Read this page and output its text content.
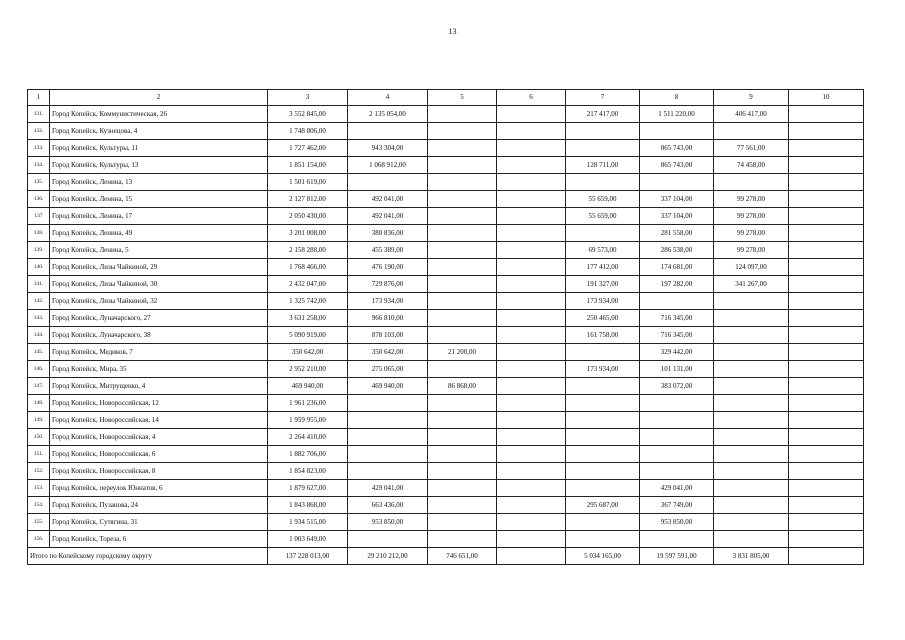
13
1	2	3	4	5	6	7	8	9	10
131.	Город Копейск, Коммунистическая, 26	3 552 845,00	2 135 054,00			217 417,00	1 511 220,00	406 417,00	
132.	Город Копейск, Кузнецова, 4	1 748 806,00							
133.	Город Копейск, Культуры, 11	1 727 462,00	943 304,00				865 743,00	77 561,00	
134.	Город Копейск, Культуры, 13	1 851 154,00	1 068 912,00			128 711,00	865 743,00	74 458,00	
135.	Город Копейск, Ленина, 13	1 501 619,00							
136.	Город Копейск, Ленина, 15	2 127 812,00	492 041,00			55 659,00	337 104,00	99 278,00	
137	Город Копейск, Ленина, 17	2 050 430,00	492 041,00			55 659,00	337 104,00	99 278,00	
138.	Город Копейск, Ленина, 49	3 201 008,00	380 836,00				281 558,00	99 278,00	
139.	Город Копейск, Ленина, 5	2 158 288,00	455 389,00			69 573,00	286 538,00	99 278,00	
140.	Город Копейск, Лизы Чайкиной, 29	1 768 466,00	476 190,00			177 412,00	174 681,00	124 097,00	
141.	Город Копейск, Лизы Чайкиной, 30	2 432 047,00	729 876,00			191 327,00	197 282,00	341 267,00	
142.	Город Копейск, Лизы Чайкиной, 32	1 325 742,00	173 934,00			173 934,00			
143.	Город Копейск, Луначарского, 27	3 631 258,00	966 810,00			250 465,00	716 345,00		
144.	Город Копейск, Луначарского, 38	5 090 919,00	878 103,00			161 758,00	716 345,00		
145.	Город Копейск, Медиков, 7	350 642,00	350 642,00	21 200,00			329 442,00		
146.	Город Копейск, Мира, 35	2 952 210,00	275 065,00			173 934,00	101 131,00		
147.	Город Копейск, Митрущенко, 4	469 940,00	469 940,00	86 868,00			383 072,00		
148.	Город Копейск, Новороссийская, 12	1 961 236,00							
149.	Город Копейск, Новороссийская, 14	1 959 955,00							
150.	Город Копейск, Новороссийская, 4	2 264 410,00							
151.	Город Копейск, Новороссийская, 6	1 882 706,00							
152.	Город Копейск, Новороссийская, 8	1 854 823,00							
153.	Город Копейск, переулок Юннатов, 6	1 879 627,00	429 041,00				429 041,00		
154.	Город Копейск, Пузанова, 24	1 843 868,00	663 436,00			295 687,00	367 749,00		
155.	Город Копейск, Сутягина, 31	1 934 515,00	953 850,00				953 850,00		
156.	Город Копейск, Тореза, 6	1 003 649,00							
Итого по Копейскому городскому округу		137 228 013,00	29 210 212,00	746 651,00		5 034 165,00	19 597 591,00	3 831 805,00	
